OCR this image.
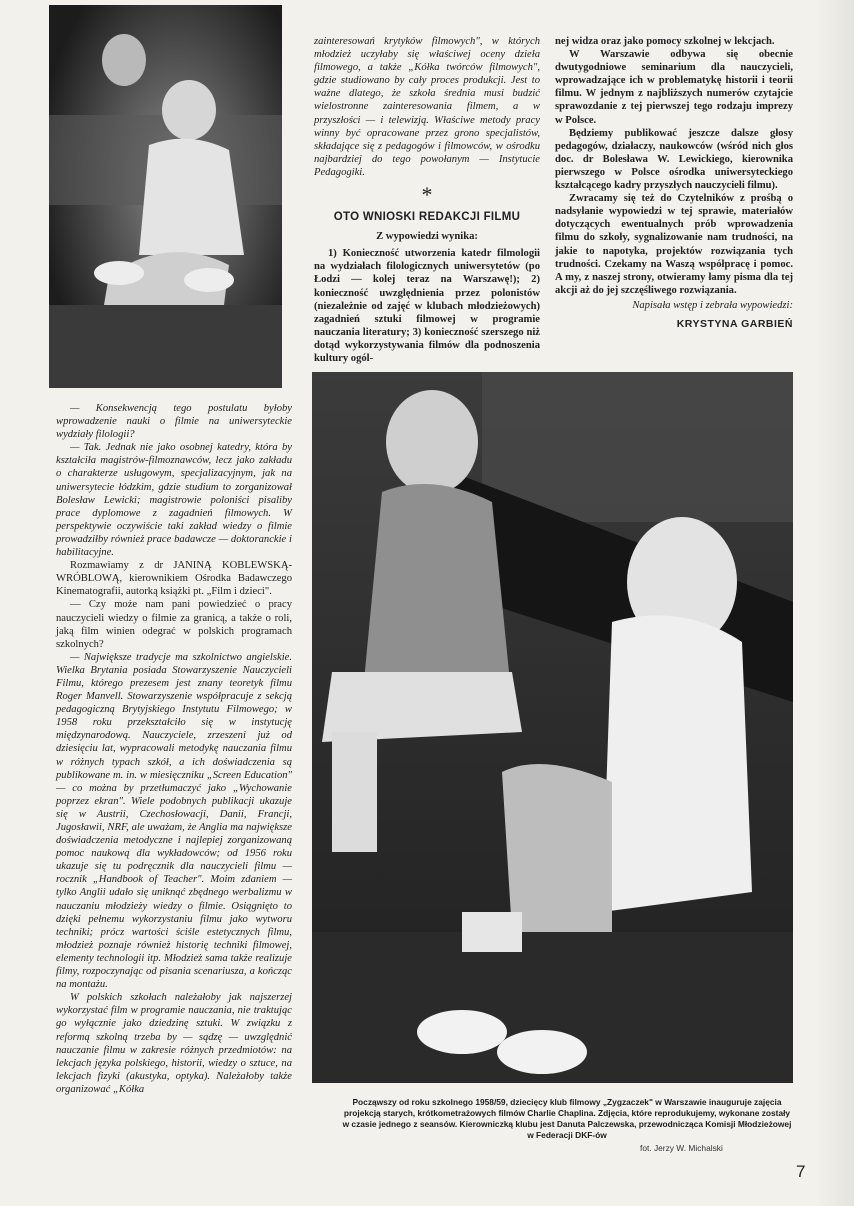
— Konsekwencją tego postulatu byłoby wprowadzenie nauki o filmie na uniwersyteckie wydziały filologii?

— Tak. Jednak nie jako osobnej katedry, która by kształciła magistrów-filmoznawców, lecz jako zakładu o charakterze usługowym, specjalizacyjnym, jak na uniwersytecie łódzkim, gdzie studium to zorganizował Bolesław Lewicki; magistrowie poloniści pisaliby prace dyplomowe z zagadnień filmowych. W perspektywie oczywiście taki zakład wiedzy o filmie prowadziłby również prace badawcze — doktoranckie i habilitacyjne.

Rozmawiamy z dr JANINĄ KOBLEWSKĄ-WRÓBLOWĄ, kierownikiem Ośrodka Badawczego Kinematografii, autorką książki pt. „Film i dzieci".

— Czy może nam pani powiedzieć o pracy nauczycieli wiedzy o filmie za granicą, a także o roli, jaką film winien odegrać w polskich programach szkolnych?

— Największe tradycje ma szkolnictwo angielskie. Wielka Brytania posiada Stowarzyszenie Nauczycieli Filmu, którego prezesem jest znany teoretyk filmu Roger Manvell. Stowarzyszenie współpracuje z sekcją pedagogiczną Brytyjskiego Instytutu Filmowego; w 1958 roku przekształciło się w instytucję międzynarodową. Nauczyciele, zrzeszeni już od dziesięciu lat, wypracowali metodykę nauczania filmu w różnych typach szkół, a ich doświadczenia są publikowane m. in. w miesięczniku „Screen Education" — co można by przetłumaczyć jako „Wychowanie poprzez ekran". Wiele podobnych publikacji ukazuje się w Austrii, Czechosłowacji, Danii, Francji, Jugosławii, NRF, ale uważam, że Anglia ma największe doświadczenia metodyczne i najlepiej zorganizowaną pomoc naukową dla wykładowców; od 1956 roku ukazuje się tu podręcznik dla nauczycieli filmu — rocznik „Handbook of Teacher". Moim zdaniem — tylko Anglii udało się uniknąć zbędnego werbalizmu w nauczaniu młodzieży wiedzy o filmie. Osiągnięto to dzięki pełnemu wykorzystaniu filmu jako wytworu techniki; prócz wartości ściśle estetycznych filmu, młodzież poznaje również historię techniki filmowej, elementy technologii itp. Młodzież sama także realizuje filmy, rozpoczynając od pisania scenariusza, a kończąc na montażu.

W polskich szkołach należałoby jak najszerzej wykorzystać film w programie nauczania, nie traktując go wyłącznie jako dziedzinę sztuki. W związku z reformą szkolną trzeba by — sądzę — uwzględnić nauczanie filmu w zakresie różnych przedmiotów: na lekcjach języka polskiego, historii, wiedzy o sztuce, na lekcjach fizyki (akustyka, optyka). Należałoby także organizować „Kółka

zainteresowań krytyków filmowych", w których młodzież uczyłaby się właściwej oceny dzieła filmowego, a także „Kółka twórców filmowych", gdzie studiowano by cały proces produkcji. Jest to ważne dlatego, że szkoła średnia musi budzić wielostronne zainteresowania filmem, a w przyszłości — i telewizją. Właściwe metody pracy winny być opracowane przez grono specjalistów, składające się z pedagogów i filmowców, w ośrodku najbardziej do tego powołanym — Instytucie Pedagogiki.

*
OTO WNIOSKI REDAKCJI FILMU
Z wypowiedzi wynika:

1) Konieczność utworzenia katedr filmologii na wydziałach filologicznych uniwersytetów (po Łodzi — kolej teraz na Warszawę!); 2) konieczność uwzględnienia przez polonistów (niezależnie od zajęć w klubach młodzieżowych) zagadnień sztuki filmowej w programie nauczania literatury; 3) konieczność szerszego niż dotąd wykorzystywania filmów dla podnoszenia kultury ogól-

nej widza oraz jako pomocy szkolnej w lekcjach.

W Warszawie odbywa się obecnie dwutygodniowe seminarium dla nauczycieli, wprowadzające ich w problematykę historii i teorii filmu. W jednym z najbliższych numerów czytajcie sprawozdanie z tej pierwszej tego rodzaju imprezy w Polsce.

Będziemy publikować jeszcze dalsze głosy pedagogów, działaczy, naukowców (wśród nich głos doc. dr Bolesława W. Lewickiego, kierownika pierwszego w Polsce ośrodka uniwersyteckiego kształcącego kadry przyszłych nauczycieli filmu).

Zwracamy się też do Czytelników z prośbą o nadsyłanie wypowiedzi w tej sprawie, materiałów dotyczących ewentualnych prób wprowadzenia filmu do szkoły, sygnalizowanie nam trudności, na jakie to napotyka, projektów rozwiązania tych trudności. Czekamy na Waszą współpracę i pomoc. A my, z naszej strony, otwieramy łamy pisma dla tej akcji aż do jej szczęśliwego rozwiązania.

Napisała wstęp i zebrała wypowiedzi:
KRYSTYNA GARBIEŃ
Począwszy od roku szkolnego 1958/59, dziecięcy klub filmowy „Zygzaczek" w Warszawie inauguruje zajęcia projekcją starych, krótkometrażowych filmów Charlie Chaplina. Zdjęcia, które reprodukujemy, wykonane zostały w czasie jednego z seansów. Kierowniczką klubu jest Danuta Palczewska, przewodnicząca Komisji Młodzieżowej w Federacji DKF-ów
fot. Jerzy W. Michalski
7
